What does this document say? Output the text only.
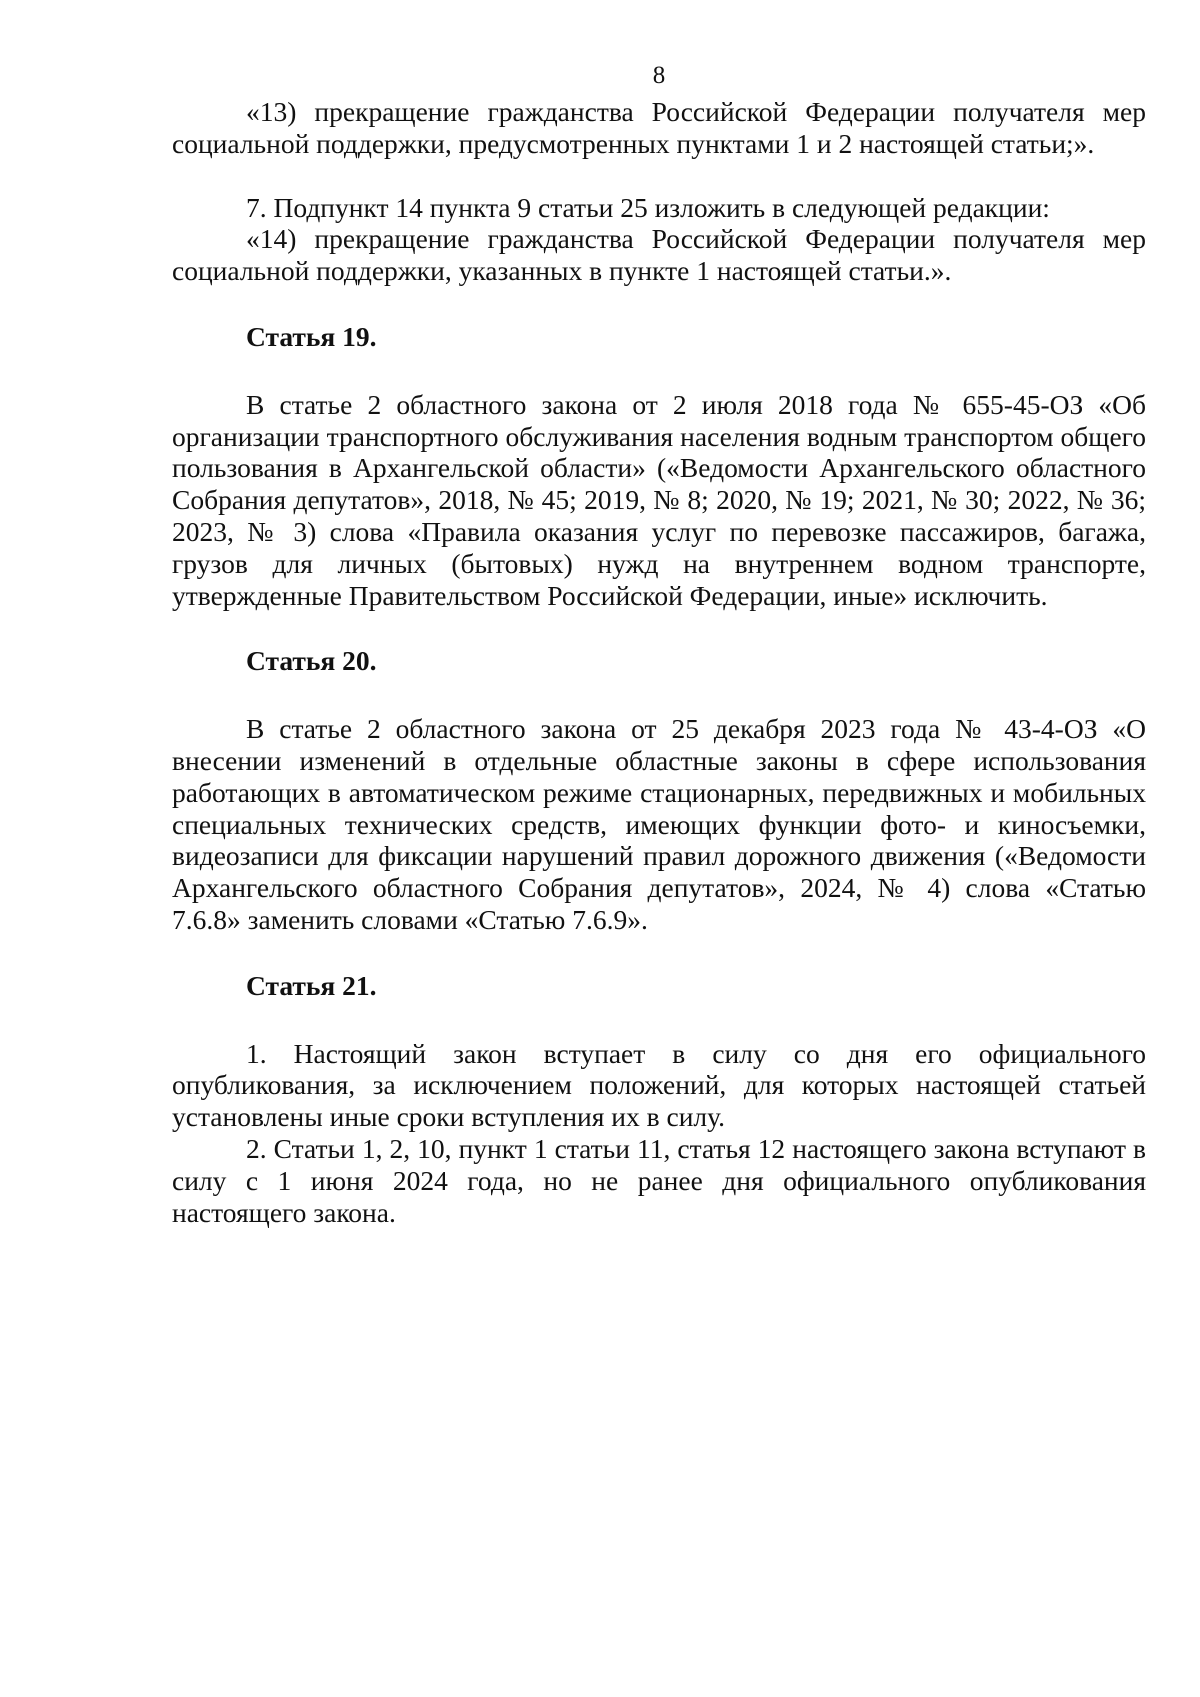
8

«13) прекращение гражданства Российской Федерации получателя мер социальной поддержки, предусмотренных пунктами 1 и 2 настоящей статьи;».

7. Подпункт 14 пункта 9 статьи 25 изложить в следующей редакции:

«14) прекращение гражданства Российской Федерации получателя мер социальной поддержки, указанных в пункте 1 настоящей статьи.».

Статья 19.

В статье 2 областного закона от 2 июля 2018 года № 655-45-ОЗ «Об организации транспортного обслуживания населения водным транспортом общего пользования в Архангельской области» («Ведомости Архангельского областного Собрания депутатов», 2018, № 45; 2019, № 8; 2020, № 19; 2021, № 30; 2022, № 36; 2023, № 3) слова «Правила оказания услуг по перевозке пассажиров, багажа, грузов для личных (бытовых) нужд на внутреннем водном транспорте, утвержденные Правительством Российской Федерации, иные» исключить.

Статья 20.

В статье 2 областного закона от 25 декабря 2023 года № 43-4-ОЗ «О внесении изменений в отдельные областные законы в сфере использования работающих в автоматическом режиме стационарных, передвижных и мобильных специальных технических средств, имеющих функции фото- и киносъемки, видеозаписи для фиксации нарушений правил дорожного движения («Ведомости Архангельского областного Собрания депутатов», 2024, № 4) слова «Статью 7.6.8» заменить словами «Статью 7.6.9».

Статья 21.

1. Настоящий закон вступает в силу со дня его официального опубликования, за исключением положений, для которых настоящей статьей установлены иные сроки вступления их в силу.

2. Статьи 1, 2, 10, пункт 1 статьи 11, статья 12 настоящего закона вступают в силу с 1 июня 2024 года, но не ранее дня официального опубликования настоящего закона.
